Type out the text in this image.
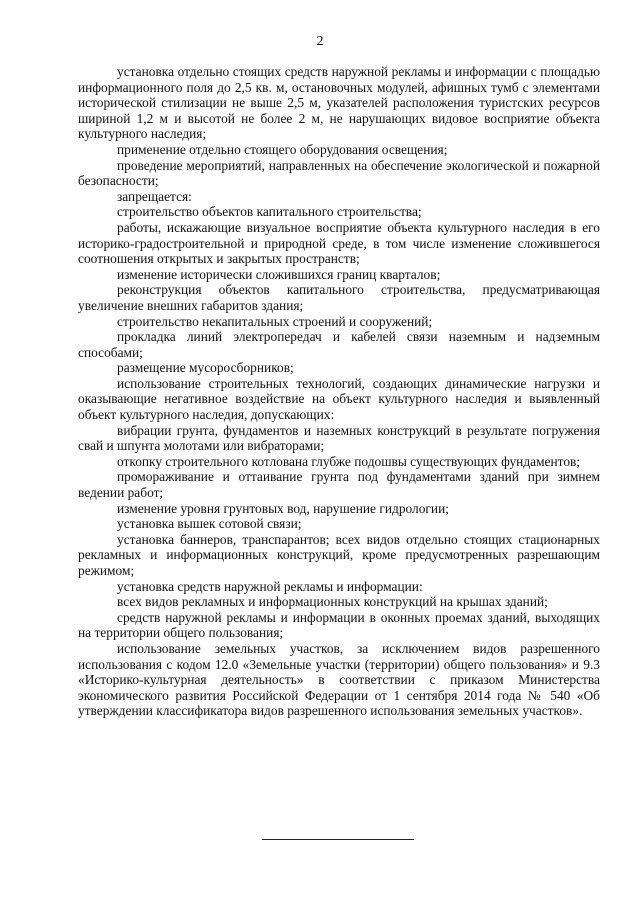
2

установка отдельно стоящих средств наружной рекламы и информации с площадью информационного поля до 2,5 кв. м, остановочных модулей, афишных тумб с элементами исторической стилизации не выше 2,5 м, указателей расположения туристских ресурсов шириной 1,2 м и высотой не более 2 м, не нарушающих видовое восприятие объекта культурного наследия;

применение отдельно стоящего оборудования освещения;

проведение мероприятий, направленных на обеспечение экологической и пожарной безопасности;

запрещается:

строительство объектов капитального строительства;

работы, искажающие визуальное восприятие объекта культурного наследия в его историко-градостроительной и природной среде, в том числе изменение сложившегося соотношения открытых и закрытых пространств;

изменение исторически сложившихся границ кварталов;

реконструкция объектов капитального строительства, предусматривающая увеличение внешних габаритов здания;

строительство некапитальных строений и сооружений;

прокладка линий электропередач и кабелей связи наземным и надземным способами;

размещение мусоросборников;

использование строительных технологий, создающих динамические нагрузки и оказывающие негативное воздействие на объект культурного наследия и выявленный объект культурного наследия, допускающих:

вибрации грунта, фундаментов и наземных конструкций в результате погружения свай и шпунта молотами или вибраторами;

откопку строительного котлована глубже подошвы существующих фундаментов;

промораживание и оттаивание грунта под фундаментами зданий при зимнем ведении работ;

изменение уровня грунтовых вод, нарушение гидрологии;

установка вышек сотовой связи;

установка баннеров, транспарантов; всех видов отдельно стоящих стационарных рекламных и информационных конструкций, кроме предусмотренных разрешающим режимом;

установка средств наружной рекламы и информации:

всех видов рекламных и информационных конструкций на крышах зданий;

средств наружной рекламы и информации в оконных проемах зданий, выходящих на территории общего пользования;

использование земельных участков, за исключением видов разрешенного использования с кодом 12.0 «Земельные участки (территории) общего пользования» и 9.3 «Историко-культурная деятельность» в соответствии с приказом Министерства экономического развития Российской Федерации от 1 сентября 2014 года № 540 «Об утверждении классификатора видов разрешенного использования земельных участков».
